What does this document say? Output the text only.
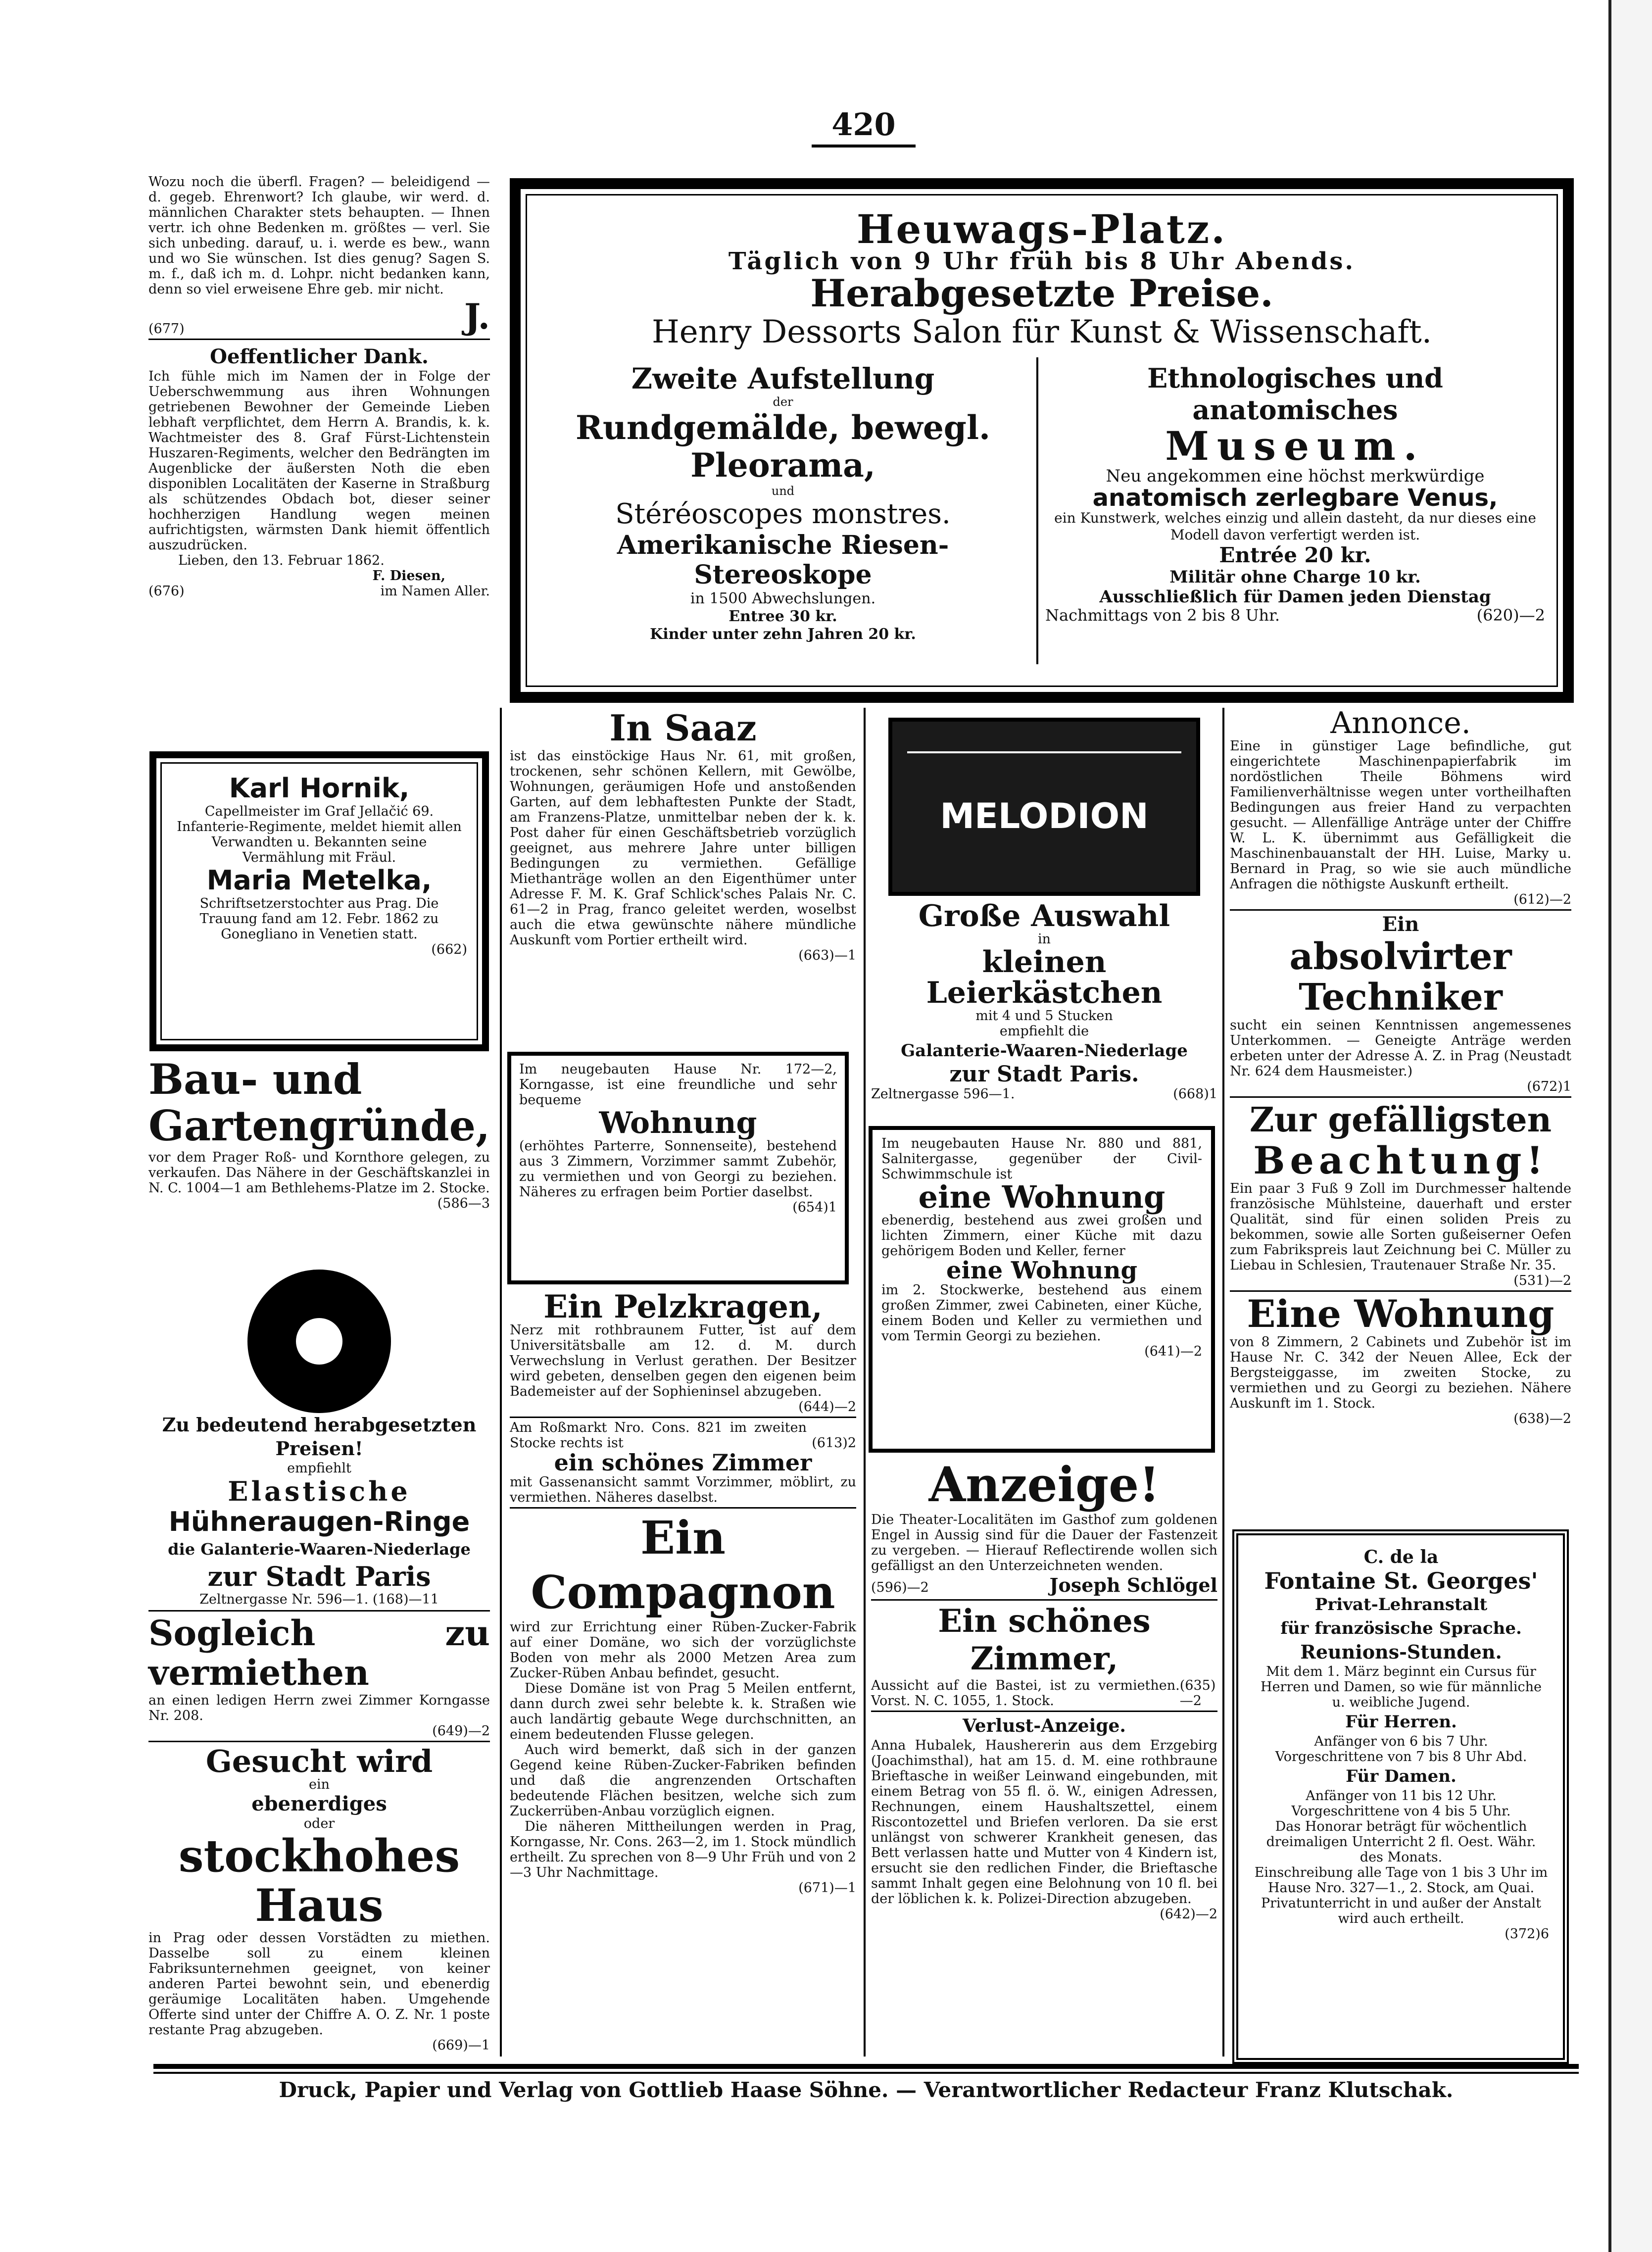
420

Wozu noch die überfl. Fragen? — beleidigend — d. gegeb. Ehrenwort? Ich glaube, wir werd. d. männlichen Charakter stets behaupten. — Ihnen vertr. ich ohne Bedenken m. größtes — verl. Sie sich unbeding. darauf, u. i. werde es bew., wann und wo Sie wünschen. Ist dies genug? Sagen S. m. f., daß ich m. d. Lohpr. nicht bedanken kann, denn so viel erweisene Ehre geb. mir nicht.

(677)	J.
Oeffentlicher Dank.

Ich fühle mich im Namen der in Folge der Ueberschwemmung aus ihren Wohnungen getriebenen Bewohner der Gemeinde Lieben lebhaft verpflichtet, dem Herrn A. Brandis, k. k. Wachtmeister des 8. Graf Fürst-Lichtenstein Huszaren-Regiments, welcher den Bedrängten im Augenblicke der äußersten Noth die eben disponiblen Localitäten der Kaserne in Straßburg als schützendes Obdach bot, dieser seiner hochherzigen Handlung wegen meinen aufrichtigsten, wärmsten Dank hiemit öffentlich auszudrücken.

Lieben, den 13. Februar 1862.

F. Diesen,

(676)	im Namen Aller.
Karl Hornik,

Capellmeister im Graf Jellačić 69. Infanterie-Regimente, meldet hiemit allen Verwandten u. Bekannten seine Vermählung mit Fräul.

Maria Metelka,

Schriftsetzerstochter aus Prag. Die Trauung fand am 12. Febr. 1862 zu Gonegliano in Venetien statt.

(662)

Bau- und
Gartengründe,

vor dem Prager Roß- und Kornthore gelegen, zu verkaufen. Das Nähere in der Geschäftskanzlei in N. C. 1004—1 am Bethlehems-Platze im 2. Stocke.

(586—3

Zu bedeutend herabgesetzten Preisen!
empfiehlt
Elastische
Hühneraugen-Ringe
die Galanterie-Waaren-Niederlage
zur Stadt Paris
Zeltnergasse Nr. 596—1. (168)—11
Sogleich zu vermiethen

an einen ledigen Herrn zwei Zimmer Korngasse Nr. 208.

(649)—2

Gesucht wird
ein
ebenerdiges
oder
stockhohes Haus

in Prag oder dessen Vorstädten zu miethen. Dasselbe soll zu einem kleinen Fabriksunternehmen geeignet, von keiner anderen Partei bewohnt sein, und ebenerdig geräumige Localitäten haben. Umgehende Offerte sind unter der Chiffre A. O. Z. Nr. 1 poste restante Prag abzugeben.

(669)—1

Heuwags-Platz.
Täglich von 9 Uhr früh bis 8 Uhr Abends.
Herabgesetzte Preise.
Henry Dessorts Salon für Kunst & Wissenschaft.
Zweite Aufstellung
der
Rundgemälde, bewegl. Pleorama,
und
Stéréoscopes monstres.
Amerikanische Riesen-Stereoskope
in 1500 Abwechslungen.
Entree 30 kr.
Kinder unter zehn Jahren 20 kr.
Ethnologisches und anatomisches
Museum.
Neu angekommen eine höchst merkwürdige
anatomisch zerlegbare Venus,
ein Kunstwerk, welches einzig und allein dasteht, da nur dieses eine Modell davon verfertigt werden ist.
Entrée 20 kr.
Militär ohne Charge 10 kr.
Ausschließlich für Damen jeden Dienstag
Nachmittags von 2 bis 8 Uhr.	(620)—2
In Saaz

ist das einstöckige Haus Nr. 61, mit großen, trockenen, sehr schönen Kellern, mit Gewölbe, Wohnungen, geräumigen Hofe und anstoßenden Garten, auf dem lebhaftesten Punkte der Stadt, am Franzens-Platze, unmittelbar neben der k. k. Post daher für einen Geschäftsbetrieb vorzüglich geeignet, aus mehrere Jahre unter billigen Bedingungen zu vermiethen. Gefällige Miethanträge wollen an den Eigenthümer unter Adresse F. M. K. Graf Schlick'sches Palais Nr. C. 61—2 in Prag, franco geleitet werden, woselbst auch die etwa gewünschte nähere mündliche Auskunft vom Portier ertheilt wird.

(663)—1

Im neugebauten Hause Nr. 172—2, Korngasse, ist eine freundliche und sehr bequeme

Wohnung

(erhöhtes Parterre, Sonnenseite), bestehend aus 3 Zimmern, Vorzimmer sammt Zubehör, zu vermiethen und von Georgi zu beziehen. Näheres zu erfragen beim Portier daselbst.

(654)1

Ein Pelzkragen,

Nerz mit rothbraunem Futter, ist auf dem Universitätsballe am 12. d. M. durch Verwechslung in Verlust gerathen. Der Besitzer wird gebeten, denselben gegen den eigenen beim Bademeister auf der Sophieninsel abzugeben.

(644)—2

Am Roßmarkt Nro. Cons. 821 im zweiten Stocke rechts ist	(613)2
ein schönes Zimmer

mit Gassenansicht sammt Vorzimmer, möblirt, zu vermiethen. Näheres daselbst.

Ein Compagnon

wird zur Errichtung einer Rüben-Zucker-Fabrik auf einer Domäne, wo sich der vorzüglichste Boden von mehr als 2000 Metzen Area zum Zucker-Rüben Anbau befindet, gesucht.

Diese Domäne ist von Prag 5 Meilen entfernt, dann durch zwei sehr belebte k. k. Straßen wie auch landärtig gebaute Wege durchschnitten, an einem bedeutenden Flusse gelegen.

Auch wird bemerkt, daß sich in der ganzen Gegend keine Rüben-Zucker-Fabriken befinden und daß die angrenzenden Ortschaften bedeutende Flächen besitzen, welche sich zum Zuckerrüben-Anbau vorzüglich eignen.

Die näheren Mittheilungen werden in Prag, Korngasse, Nr. Cons. 263—2, im 1. Stock mündlich ertheilt. Zu sprechen von 8—9 Uhr Früh und von 2—3 Uhr Nachmittage.

(671)—1

MELODION
Große Auswahl
in
kleinen Leierkästchen
mit 4 und 5 Stucken
empfiehlt die
Galanterie-Waaren-Niederlage
zur Stadt Paris.
Zeltnergasse 596—1.	(668)1

Im neugebauten Hause Nr. 880 und 881, Salnitergasse, gegenüber der Civil-Schwimmschule ist

eine Wohnung

ebenerdig, bestehend aus zwei großen und lichten Zimmern, einer Küche mit dazu gehörigem Boden und Keller, ferner

eine Wohnung

im 2. Stockwerke, bestehend aus einem großen Zimmer, zwei Cabineten, einer Küche, einem Boden und Keller zu vermiethen und vom Termin Georgi zu beziehen.

(641)—2

Anzeige!

Die Theater-Localitäten im Gasthof zum goldenen Engel in Aussig sind für die Dauer der Fastenzeit zu vergeben. — Hierauf Reflectirende wollen sich gefälligst an den Unterzeichneten wenden.

(596)—2	Joseph Schlögel
Ein schönes Zimmer,
Aussicht auf die Bastei, ist zu vermiethen. Vorst. N. C. 1055, 1. Stock.
(635)—2
Verlust-Anzeige.

Anna Hubalek, Haushererin aus dem Erzgebirg (Joachimsthal), hat am 15. d. M. eine rothbraune Brieftasche in weißer Leinwand eingebunden, mit einem Betrag von 55 fl. ö. W., einigen Adressen, Rechnungen, einem Haushaltszettel, einem Riscontozettel und Briefen verloren. Da sie erst unlängst von schwerer Krankheit genesen, das Bett verlassen hatte und Mutter von 4 Kindern ist, ersucht sie den redlichen Finder, die Brieftasche sammt Inhalt gegen eine Belohnung von 10 fl. bei der löblichen k. k. Polizei-Direction abzugeben.

(642)—2

Annonce.

Eine in günstiger Lage befindliche, gut eingerichtete Maschinenpapierfabrik im nordöstlichen Theile Böhmens wird Familienverhältnisse wegen unter vortheilhaften Bedingungen aus freier Hand zu verpachten gesucht. — Allenfällige Anträge unter der Chiffre W. L. K. übernimmt aus Gefälligkeit die Maschinenbauanstalt der HH. Luise, Marky u. Bernard in Prag, so wie sie auch mündliche Anfragen die nöthigste Auskunft ertheilt.

(612)—2

Ein
absolvirter Techniker

sucht ein seinen Kenntnissen angemessenes Unterkommen. — Geneigte Anträge werden erbeten unter der Adresse A. Z. in Prag (Neustadt Nr. 624 dem Hausmeister.)

(672)1

Zur gefälligsten
Beachtung!

Ein paar 3 Fuß 9 Zoll im Durchmesser haltende französische Mühlsteine, dauerhaft und erster Qualität, sind für einen soliden Preis zu bekommen, sowie alle Sorten gußeiserner Oefen zum Fabrikspreis laut Zeichnung bei C. Müller zu Liebau in Schlesien, Trautenauer Straße Nr. 35.

(531)—2

Eine Wohnung

von 8 Zimmern, 2 Cabinets und Zubehör ist im Hause Nr. C. 342 der Neuen Allee, Eck der Bergsteiggasse, im zweiten Stocke, zu vermiethen und zu Georgi zu beziehen. Nähere Auskunft im 1. Stock.

(638)—2

C. de la
Fontaine St. Georges'
Privat-Lehranstalt
für französische Sprache.
Reunions-Stunden.

Mit dem 1. März beginnt ein Cursus für Herren und Damen, so wie für männliche u. weibliche Jugend.

Für Herren.

Anfänger von 6 bis 7 Uhr.

Vorgeschrittene von 7 bis 8 Uhr Abd.

Für Damen.

Anfänger von 11 bis 12 Uhr.

Vorgeschrittene von 4 bis 5 Uhr.

Das Honorar beträgt für wöchentlich dreimaligen Unterricht 2 fl. Oest. Währ. des Monats.

Einschreibung alle Tage von 1 bis 3 Uhr im Hause Nro. 327—1., 2. Stock, am Quai.

Privatunterricht in und außer der Anstalt wird auch ertheilt.

(372)6

Druck, Papier und Verlag von Gottlieb Haase Söhne. — Verantwortlicher Redacteur Franz Klutschak.
